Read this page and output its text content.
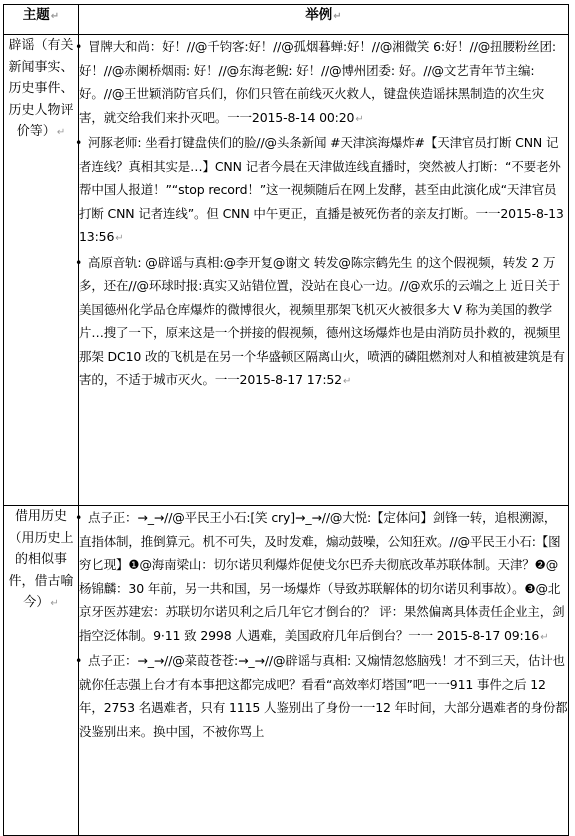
主题↵	举例↵
辟谣（有关新闻事实、历史事件、历史人物评价等）↵	• 冒牌大和尚：好！//@千钧客:好！//@孤烟暮蝉:好！//@湘微笑 6:好！//@扭腰粉丝团: 好！//@赤阑桥烟雨: 好！//@东海老鲵: 好！//@博州团委: 好。//@文艺青年节主编:好。//@王世颖消防官兵们，你们只管在前线灭火救人，键盘侠造谣抹黑制造的次生灾害，就交给我们来扑灭吧。一一2015-8-14 00:20↵

• 河豚老师: 坐看打键盘侠们的脸//@头条新闻 #天津滨海爆炸#【天津官员打断 CNN 记者连线？真相其实是…】CNN 记者今晨在天津做连线直播时，突然被人打断：“不要老外帮中国人报道！”“stop record！”这一视频随后在网上发酵，甚至由此演化成“天津官员打断 CNN 记者连线”。但 CNN 中午更正，直播是被死伤者的亲友打断。一一2015-8-13 13:56↵

• 高原音轨: @辟谣与真相:@李开复@谢文 转发@陈宗鹤先生 的这个假视频，转发 2 万多，还在//@环球时报:真实又站错位置，没站在良心一边。//@欢乐的云端之上 近日关于美国德州化学品仓库爆炸的微博很火，视频里那架飞机灭火被很多大 V 称为美国的教学片…搜了一下，原来这是一个拼接的假视频，德州这场爆炸也是由消防员扑救的，视频里那架 DC10 改的飞机是在另一个华盛顿区隔离山火，喷洒的磷阻燃剂对人和植被建筑是有害的，不适于城市灭火。一一2015-8-17 17:52↵

借用历史（用历史上的相似事件，借古喻今）↵	• 点子正：→_→//@平民王小石:[笑 cry]→_→//@大悦:【定体问】剑锋一转，追根溯源，直指体制，推倒算元。机不可失，及时发难，煽动鼓噪，公知狂欢。//@平民王小石:【图穷匕现】❶@海南梁山：切尔诺贝利爆炸促使戈尔巴乔夫彻底改革苏联体制。天津？❷@杨锦麟：30 年前，另一共和国，另一场爆炸（导致苏联解体的切尔诺贝利事故）。❸@北京牙医苏建宏：苏联切尔诺贝利之后几年它才倒台的？ 评：果然偏离具体责任企业主，剑指空泛体制。9·11 致 2998 人遇难，美国政府几年后倒台？一一 2015-8-17 09:16↵

• 点子正：→_→//@菜葭苍苍:→_→//@辟谣与真相: 又煽情忽悠脑残！才不到三天，估计也就你任志强上台才有本事把这都完成吧？看看“高效率灯塔国”吧一一911 事件之后 12 年，2753 名遇难者，只有 1115 人鉴别出了身份一一12 年时间，大部分遇难者的身份都没鉴别出来。换中国，不被你骂上
